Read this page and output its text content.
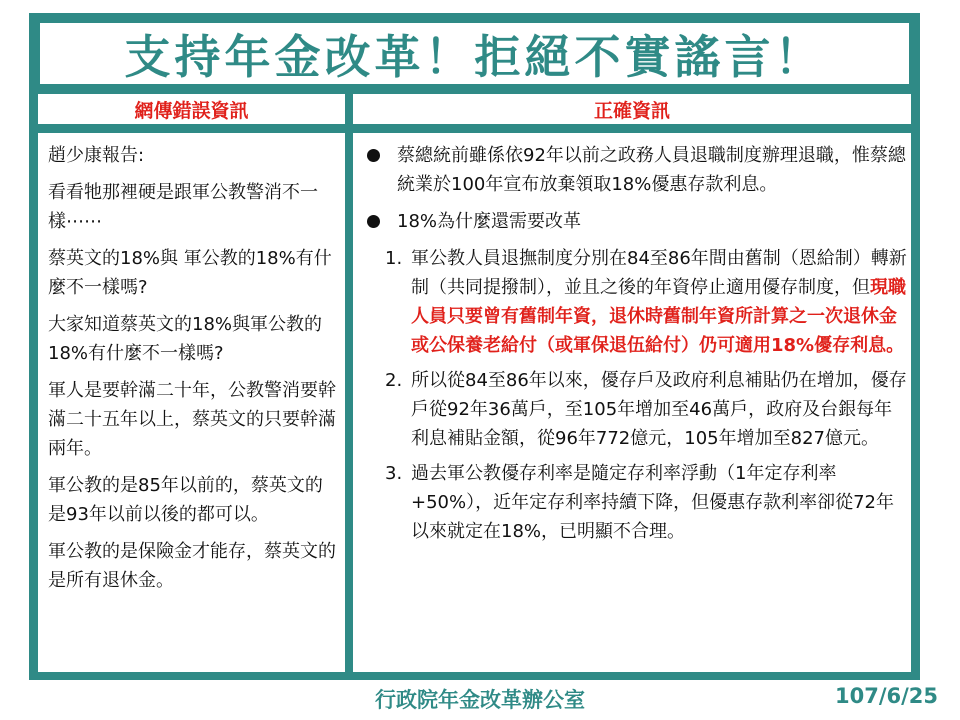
支持年金改革！拒絕不實謠言！
網傳錯誤資訊	正確資訊

趙少康報告:

看看牠那裡硬是跟軍公教警消不一樣⋯⋯

蔡英文的18%與 軍公教的18%有什麼不一樣嗎?

大家知道蔡英文的18%與軍公教的18%有什麼不一樣嗎?

軍人是要幹滿二十年，公教警消要幹滿二十五年以上，蔡英文的只要幹滿兩年。

軍公教的是85年以前的，蔡英文的是93年以前以後的都可以。

軍公教的是保險金才能存，蔡英文的是所有退休金。

蔡總統前雖係依92年以前之政務人員退職制度辦理退職，惟蔡總統業於100年宣布放棄領取18%優惠存款利息。
18%為什麼還需要改革
1. 軍公教人員退撫制度分別在84至86年間由舊制（恩給制）轉新制（共同提撥制），並且之後的年資停止適用優存制度，但現職人員只要曾有舊制年資，退休時舊制年資所計算之一次退休金或公保養老給付（或軍保退伍給付）仍可適用18%優存利息。
2. 所以從84至86年以來，優存戶及政府利息補貼仍在增加，優存戶從92年36萬戶，至105年增加至46萬戶，政府及台銀每年利息補貼金額，從96年772億元，105年增加至827億元。
3. 過去軍公教優存利率是隨定存利率浮動（1年定存利率+50%），近年定存利率持續下降，但優惠存款利率卻從72年以來就定在18%，已明顯不合理。
行政院年金改革辦公室	107/6/25
